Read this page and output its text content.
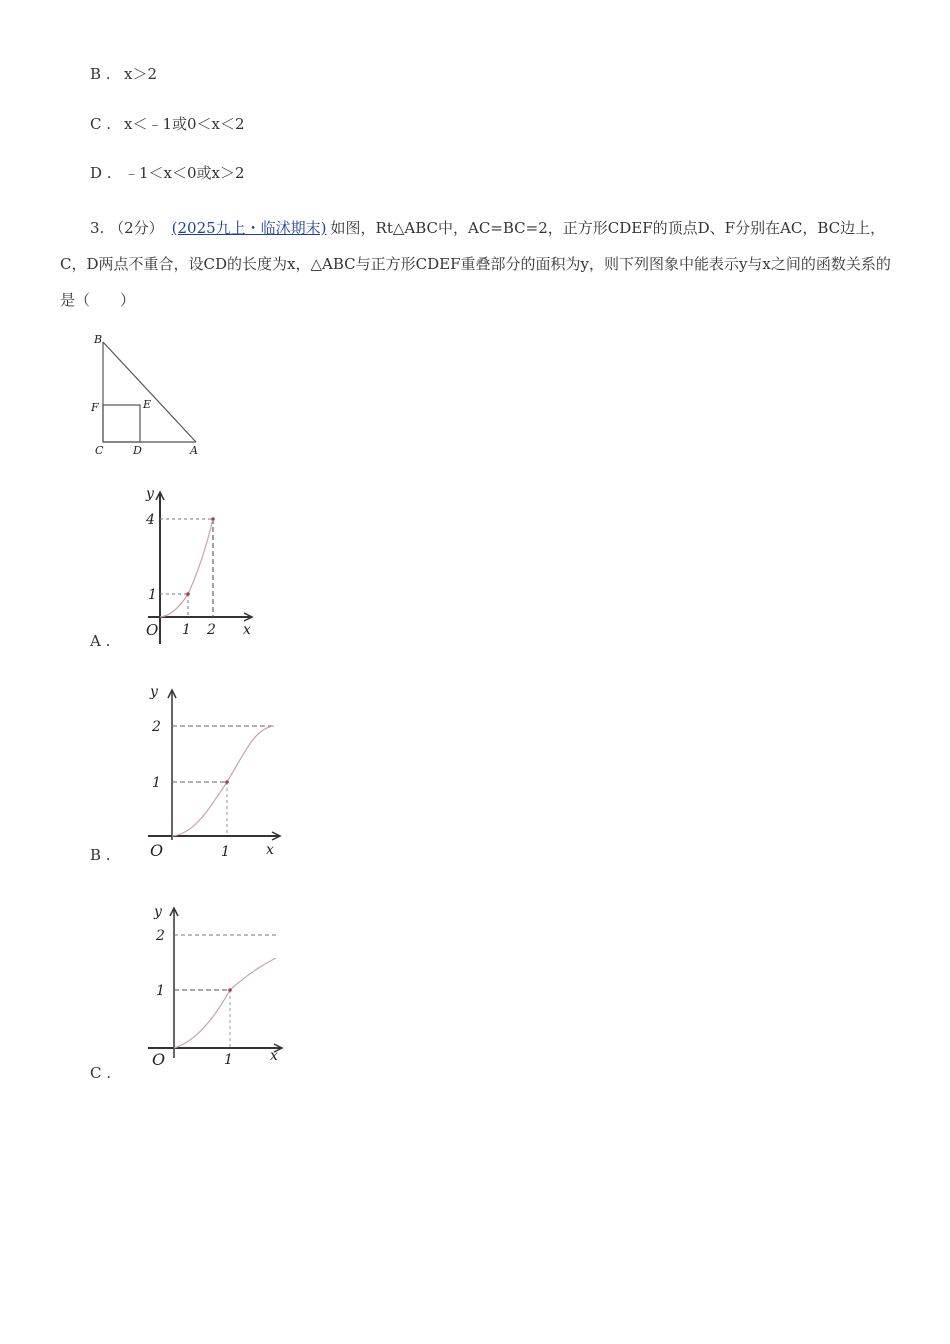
B . x＞2
C . x＜﹣1或0＜x＜2
D . ﹣1＜x＜0或x＞2
3. （2分） (2025九上・临沭期末) 如图，Rt△ABC中，AC=BC=2，正方形CDEF的顶点D、F分别在AC，BC边上，C，D两点不重合，设CD的长度为x，△ABC与正方形CDEF重叠部分的面积为y，则下列图象中能表示y与x之间的函数关系的是（　　）
B
F	E
C	D	A
A .
y
x
O
4
1
1 2
B .
y
x
O
2
1
1
C .
y
x
O
2
1
1
